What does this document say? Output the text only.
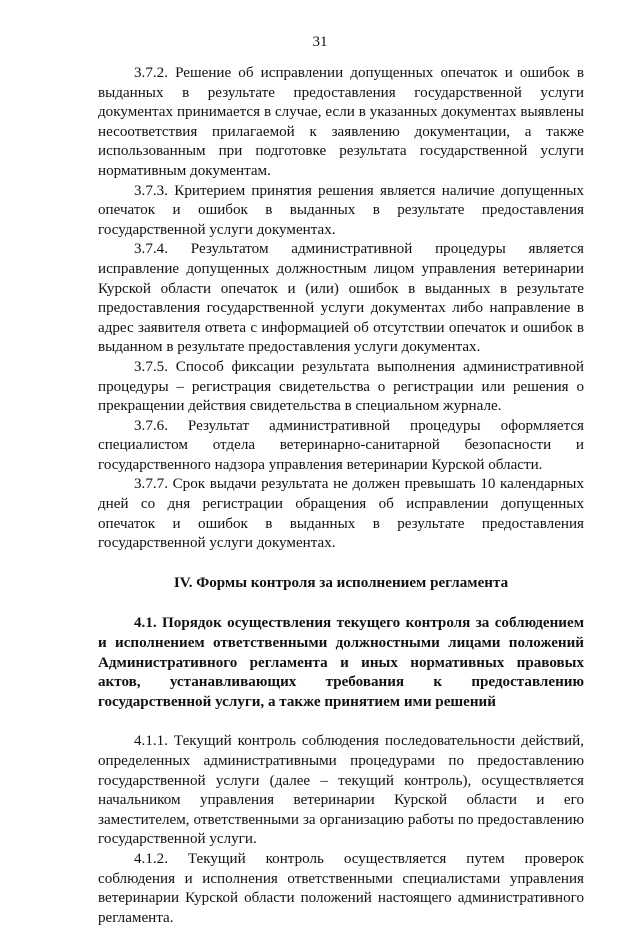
31

3.7.2. Решение об исправлении допущенных опечаток и ошибок в выданных в результате предоставления государственной услуги документах принимается в случае, если в указанных документах выявлены несоответствия прилагаемой к заявлению документации, а также использованным при подготовке результата государственной услуги нормативным документам.

3.7.3. Критерием принятия решения является наличие допущенных опечаток и ошибок в выданных в результате предоставления государственной услуги документах.

3.7.4. Результатом административной процедуры является исправление допущенных должностным лицом управления ветеринарии Курской области опечаток и (или) ошибок в выданных в результате предоставления государственной услуги документах либо направление в адрес заявителя ответа с информацией об отсутствии опечаток и ошибок в выданном в результате предоставления услуги документах.

3.7.5. Способ фиксации результата выполнения административной процедуры – регистрация свидетельства о регистрации или решения о прекращении действия свидетельства в специальном журнале.

3.7.6. Результат административной процедуры оформляется специалистом отдела ветеринарно-санитарной безопасности и государственного надзора управления ветеринарии Курской области.

3.7.7. Срок выдачи результата не должен превышать 10 календарных дней со дня регистрации обращения об исправлении допущенных опечаток и ошибок в выданных в результате предоставления государственной услуги документах.

IV. Формы контроля за исполнением регламента

4.1. Порядок осуществления текущего контроля за соблюдением и исполнением ответственными должностными лицами положений Административного регламента и иных нормативных правовых актов, устанавливающих требования к предоставлению государственной услуги, а также принятием ими решений

4.1.1. Текущий контроль соблюдения последовательности действий, определенных административными процедурами по предоставлению государственной услуги (далее – текущий контроль), осуществляется начальником управления ветеринарии Курской области и его заместителем, ответственными за организацию работы по предоставлению государственной услуги.

4.1.2. Текущий контроль осуществляется путем проверок соблюдения и исполнения ответственными специалистами управления ветеринарии Курской области положений настоящего административного регламента.
